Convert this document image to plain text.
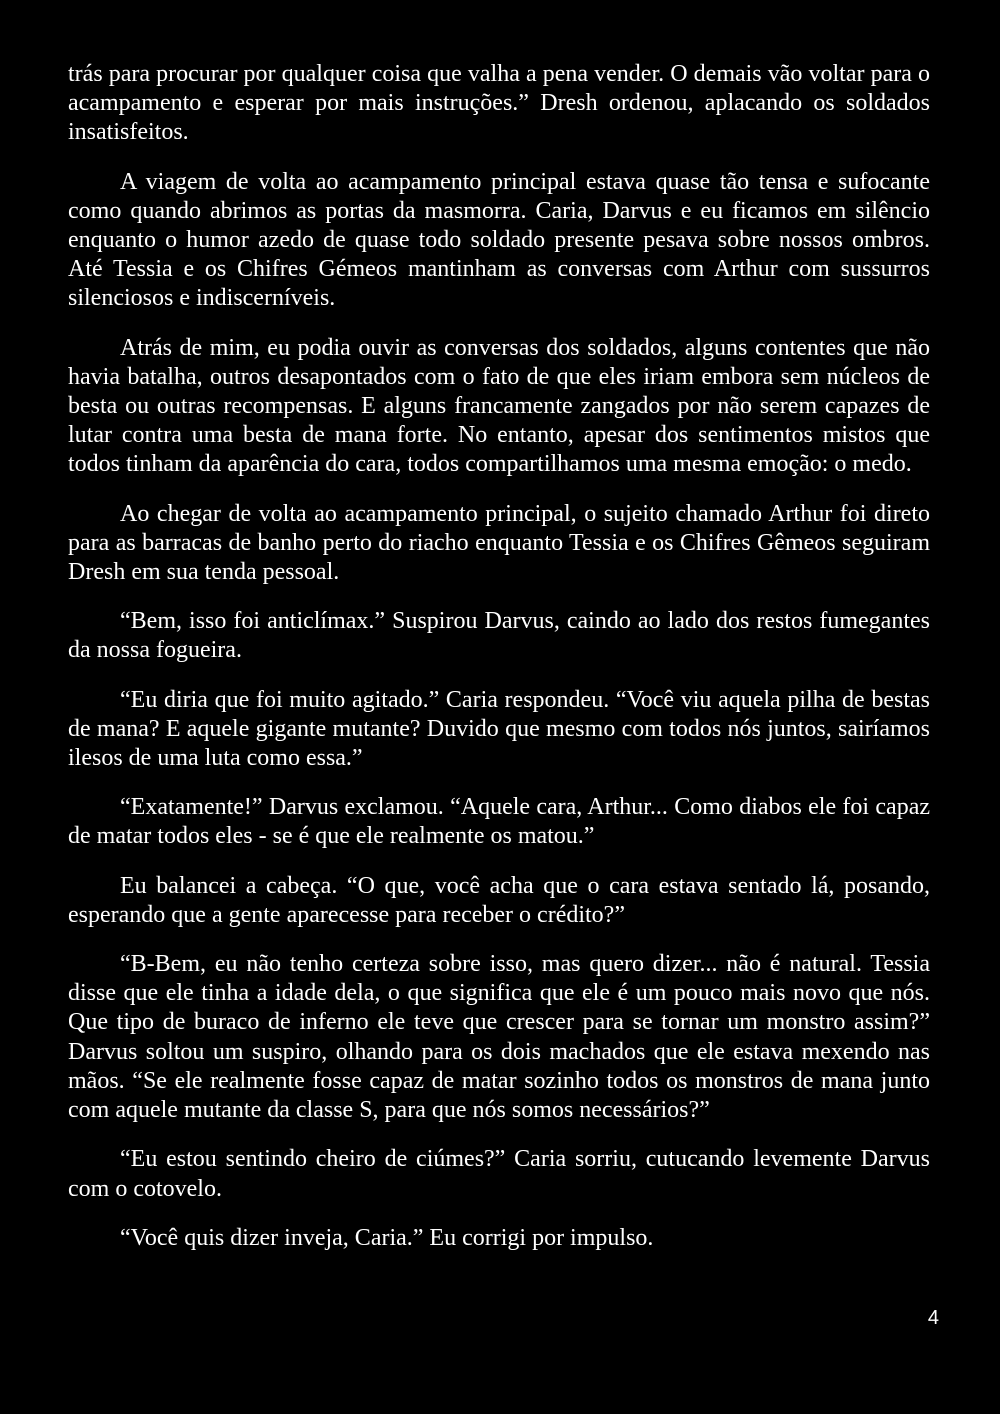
trás para procurar por qualquer coisa que valha a pena vender. O demais vão voltar para o acampamento e esperar por mais instruções.” Dresh ordenou, aplacando os soldados insatisfeitos.

A viagem de volta ao acampamento principal estava quase tão tensa e sufocante como quando abrimos as portas da masmorra. Caria, Darvus e eu ficamos em silêncio enquanto o humor azedo de quase todo soldado presente pesava sobre nossos ombros. Até Tessia e os Chifres Gémeos mantinham as conversas com Arthur com sussurros silenciosos e indiscerníveis.

Atrás de mim, eu podia ouvir as conversas dos soldados, alguns contentes que não havia batalha, outros desapontados com o fato de que eles iriam embora sem núcleos de besta ou outras recompensas. E alguns francamente zangados por não serem capazes de lutar contra uma besta de mana forte. No entanto, apesar dos sentimentos mistos que todos tinham da aparência do cara, todos compartilhamos uma mesma emoção: o medo.

Ao chegar de volta ao acampamento principal, o sujeito chamado Arthur foi direto para as barracas de banho perto do riacho enquanto Tessia e os Chifres Gêmeos seguiram Dresh em sua tenda pessoal.

“Bem, isso foi anticlímax.” Suspirou Darvus, caindo ao lado dos restos fumegantes da nossa fogueira.

“Eu diria que foi muito agitado.” Caria respondeu. “Você viu aquela pilha de bestas de mana? E aquele gigante mutante? Duvido que mesmo com todos nós juntos, sairíamos ilesos de uma luta como essa.”

“Exatamente!” Darvus exclamou. “Aquele cara, Arthur... Como diabos ele foi capaz de matar todos eles - se é que ele realmente os matou.”

Eu balancei a cabeça. “O que, você acha que o cara estava sentado lá, posando, esperando que a gente aparecesse para receber o crédito?”

“B-Bem, eu não tenho certeza sobre isso, mas quero dizer... não é natural. Tessia disse que ele tinha a idade dela, o que significa que ele é um pouco mais novo que nós. Que tipo de buraco de inferno ele teve que crescer para se tornar um monstro assim?” Darvus soltou um suspiro, olhando para os dois machados que ele estava mexendo nas mãos. “Se ele realmente fosse capaz de matar sozinho todos os monstros de mana junto com aquele mutante da classe S, para que nós somos necessários?”

“Eu estou sentindo cheiro de ciúmes?” Caria sorriu, cutucando levemente Darvus com o cotovelo.

“Você quis dizer inveja, Caria.” Eu corrigi por impulso.

4
